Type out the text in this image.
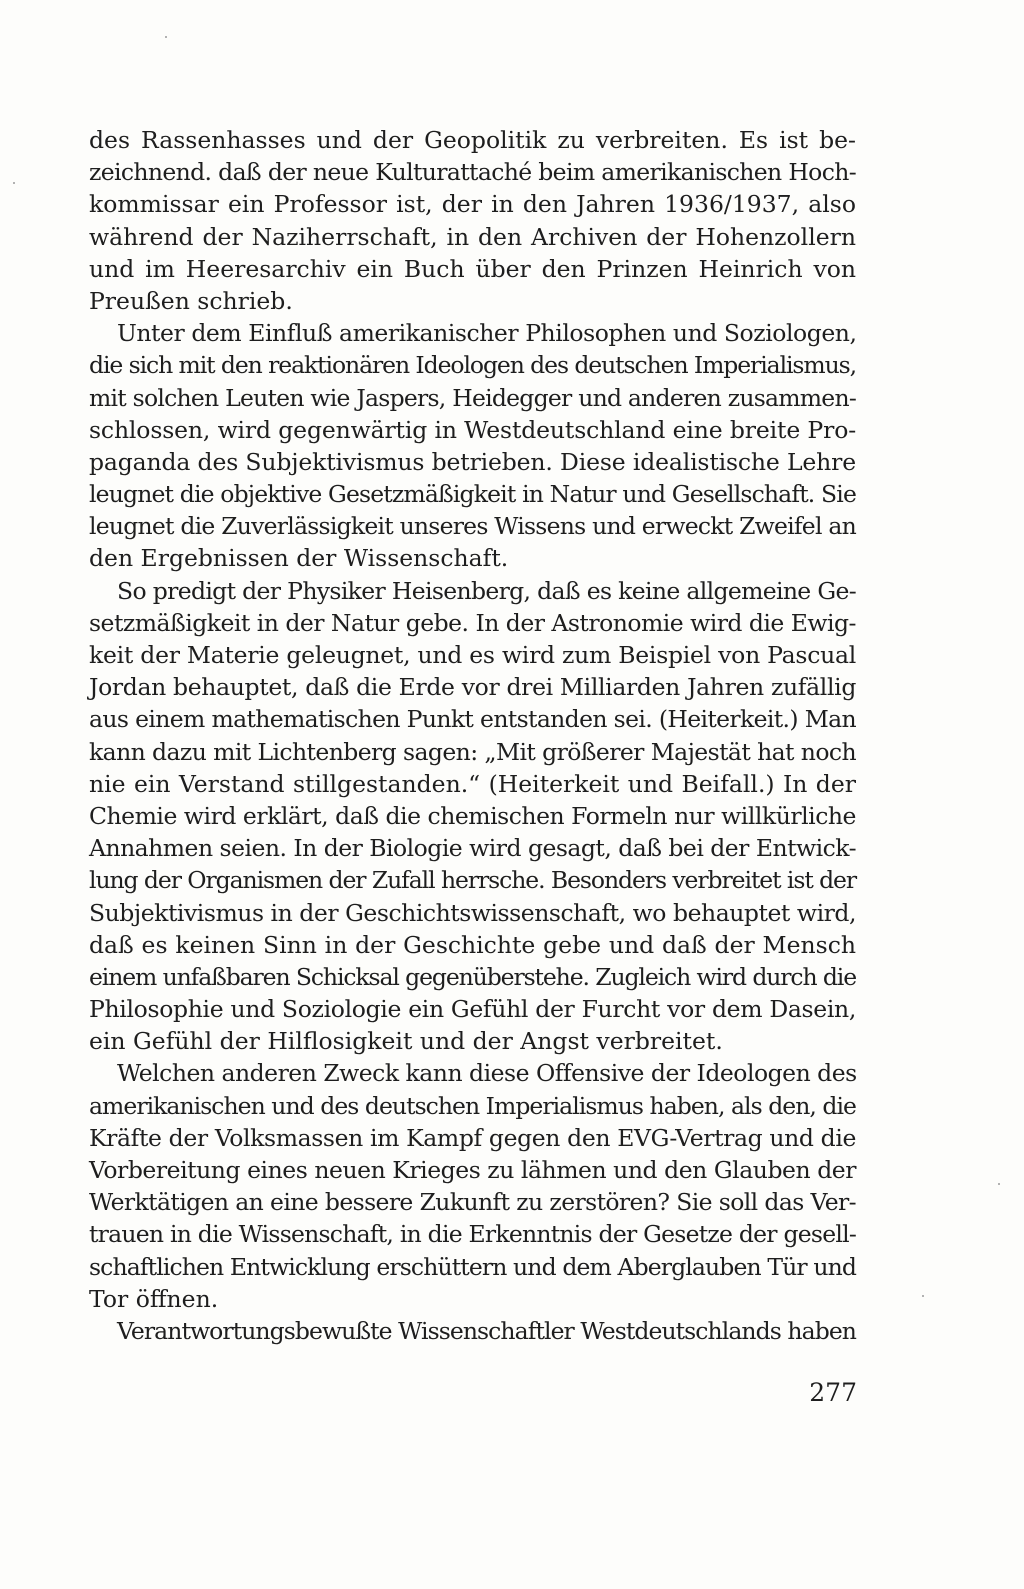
des Rassenhasses und der Geopolitik zu verbreiten. Es ist be-
zeichnend. daß der neue Kulturattaché beim amerikanischen Hoch-
kommissar ein Professor ist, der in den Jahren 1936/1937, also
während der Naziherrschaft, in den Archiven der Hohenzollern
und im Heeresarchiv ein Buch über den Prinzen Heinrich von
Preußen schrieb.
Unter dem Einfluß amerikanischer Philosophen und Soziologen,
die sich mit den reaktionären Ideologen des deutschen Imperialismus,
mit solchen Leuten wie Jaspers, Heidegger und anderen zusammen-
schlossen, wird gegenwärtig in Westdeutschland eine breite Pro-
paganda des Subjektivismus betrieben. Diese idealistische Lehre
leugnet die objektive Gesetzmäßigkeit in Natur und Gesellschaft. Sie
leugnet die Zuverlässigkeit unseres Wissens und erweckt Zweifel an
den Ergebnissen der Wissenschaft.
So predigt der Physiker Heisenberg, daß es keine allgemeine Ge-
setzmäßigkeit in der Natur gebe. In der Astronomie wird die Ewig-
keit der Materie geleugnet, und es wird zum Beispiel von Pascual
Jordan behauptet, daß die Erde vor drei Milliarden Jahren zufällig
aus einem mathematischen Punkt entstanden sei. (Heiterkeit.) Man
kann dazu mit Lichtenberg sagen: „Mit größerer Majestät hat noch
nie ein Verstand stillgestanden.“ (Heiterkeit und Beifall.) In der
Chemie wird erklärt, daß die chemischen Formeln nur willkürliche
Annahmen seien. In der Biologie wird gesagt, daß bei der Entwick-
lung der Organismen der Zufall herrsche. Besonders verbreitet ist der
Subjektivismus in der Geschichtswissenschaft, wo behauptet wird,
daß es keinen Sinn in der Geschichte gebe und daß der Mensch
einem unfaßbaren Schicksal gegenüberstehe. Zugleich wird durch die
Philosophie und Soziologie ein Gefühl der Furcht vor dem Dasein,
ein Gefühl der Hilflosigkeit und der Angst verbreitet.
Welchen anderen Zweck kann diese Offensive der Ideologen des
amerikanischen und des deutschen Imperialismus haben, als den, die
Kräfte der Volksmassen im Kampf gegen den EVG-Vertrag und die
Vorbereitung eines neuen Krieges zu lähmen und den Glauben der
Werktätigen an eine bessere Zukunft zu zerstören? Sie soll das Ver-
trauen in die Wissenschaft, in die Erkenntnis der Gesetze der gesell-
schaftlichen Entwicklung erschüttern und dem Aberglauben Tür und
Tor öffnen.
Verantwortungsbewußte Wissenschaftler Westdeutschlands haben
277
